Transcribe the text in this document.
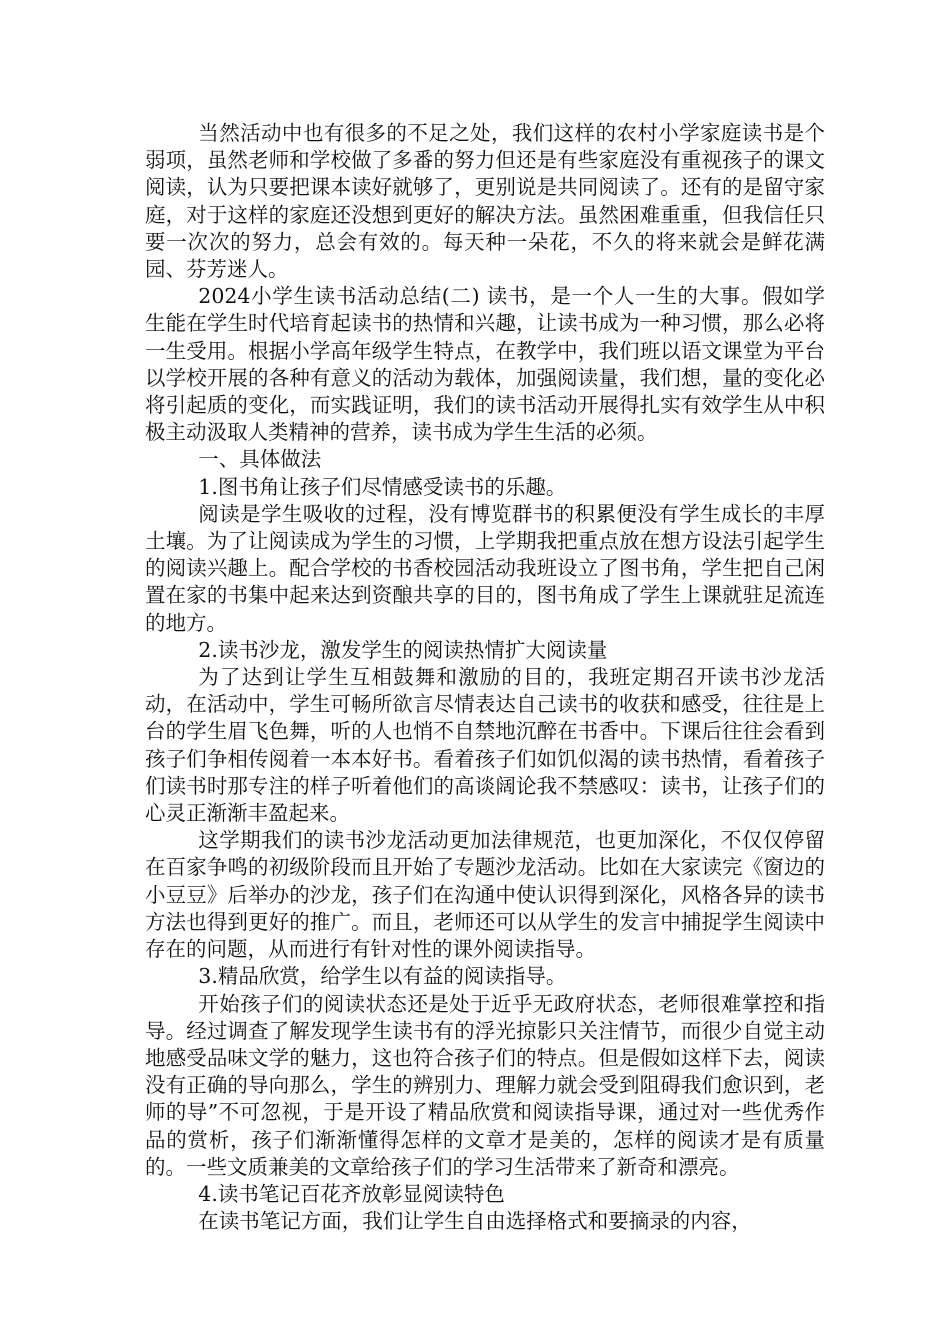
当然活动中也有很多的不足之处，我们这样的农村小学家庭读书是个弱项，虽然老师和学校做了多番的努力但还是有些家庭没有重视孩子的课文阅读，认为只要把课本读好就够了，更别说是共同阅读了。还有的是留守家庭，对于这样的家庭还没想到更好的解决方法。虽然困难重重，但我信任只要一次次的努力，总会有效的。每天种一朵花，不久的将来就会是鲜花满园、芬芳迷人。

2024小学生读书活动总结(二) 读书，是一个人一生的大事。假如学生能在学生时代培育起读书的热情和兴趣，让读书成为一种习惯，那么必将一生受用。根据小学高年级学生特点，在教学中，我们班以语文课堂为平台以学校开展的各种有意义的活动为载体，加强阅读量，我们想，量的变化必将引起质的变化，而实践证明，我们的读书活动开展得扎实有效学生从中积极主动汲取人类精神的营养，读书成为学生生活的必须。

一、具体做法

1.图书角让孩子们尽情感受读书的乐趣。

阅读是学生吸收的过程，没有博览群书的积累便没有学生成长的丰厚土壤。为了让阅读成为学生的习惯，上学期我把重点放在想方设法引起学生的阅读兴趣上。配合学校的书香校园活动我班设立了图书角，学生把自己闲置在家的书集中起来达到资酿共享的目的，图书角成了学生上课就驻足流连的地方。

2.读书沙龙，激发学生的阅读热情扩大阅读量

为了达到让学生互相鼓舞和激励的目的，我班定期召开读书沙龙活动，在活动中，学生可畅所欲言尽情表达自己读书的收获和感受，往往是上台的学生眉飞色舞，听的人也悄不自禁地沉醉在书香中。下课后往往会看到孩子们争相传阅着一本本好书。看着孩子们如饥似渴的读书热情，看着孩子们读书时那专注的样子听着他们的高谈阔论我不禁感叹：读书，让孩子们的心灵正渐渐丰盈起来。

这学期我们的读书沙龙活动更加法律规范，也更加深化，不仅仅停留在百家争鸣的初级阶段而且开始了专题沙龙活动。比如在大家读完《窗边的小豆豆》后举办的沙龙，孩子们在沟通中使认识得到深化，风格各异的读书方法也得到更好的推广。而且，老师还可以从学生的发言中捕捉学生阅读中存在的问题，从而进行有针对性的课外阅读指导。

3.精品欣赏，给学生以有益的阅读指导。

开始孩子们的阅读状态还是处于近乎无政府状态，老师很难掌控和指导。经过调查了解发现学生读书有的浮光掠影只关注情节，而很少自觉主动地感受品味文学的魅力，这也符合孩子们的特点。但是假如这样下去，阅读没有正确的导向那么，学生的辨别力、理解力就会受到阻碍我们愈识到，老师的导”不可忽视，于是开设了精品欣赏和阅读指导课，通过对一些优秀作品的赏析，孩子们渐渐懂得怎样的文章才是美的，怎样的阅读才是有质量的。一些文质兼美的文章给孩子们的学习生活带来了新奇和漂亮。

4.读书笔记百花齐放彰显阅读特色

在读书笔记方面，我们让学生自由选择格式和要摘录的内容，
